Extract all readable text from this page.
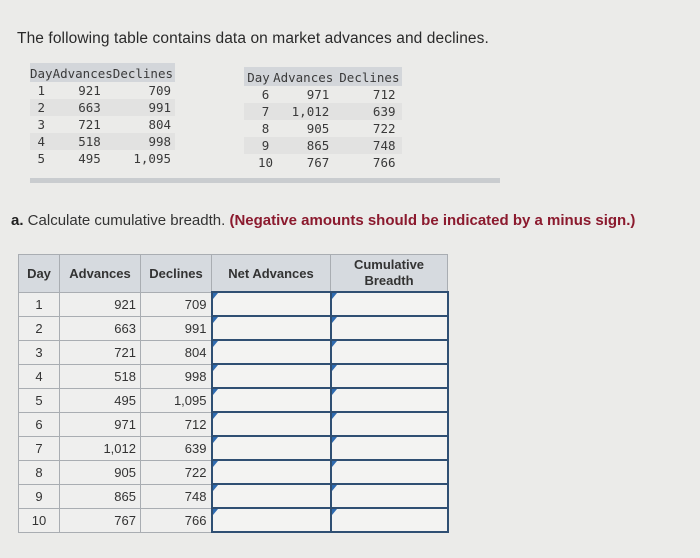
The following table contains data on market advances and declines.
Day	Advances	Declines
1	921	709
2	663	991
3	721	804
4	518	998
5	495	1,095
Day	Advances	Declines
6	971	712
7	1,012	639
8	905	722
9	865	748
10	767	766
a. Calculate cumulative breadth. (Negative amounts should be indicated by a minus sign.)
Day	Advances	Declines	Net Advances	Cumulative Breadth
1	921	709	

2	663	991	

3	721	804	

4	518	998	

5	495	1,095	

6	971	712	

7	1,012	639	

8	905	722	

9	865	748	

10	767	766	
